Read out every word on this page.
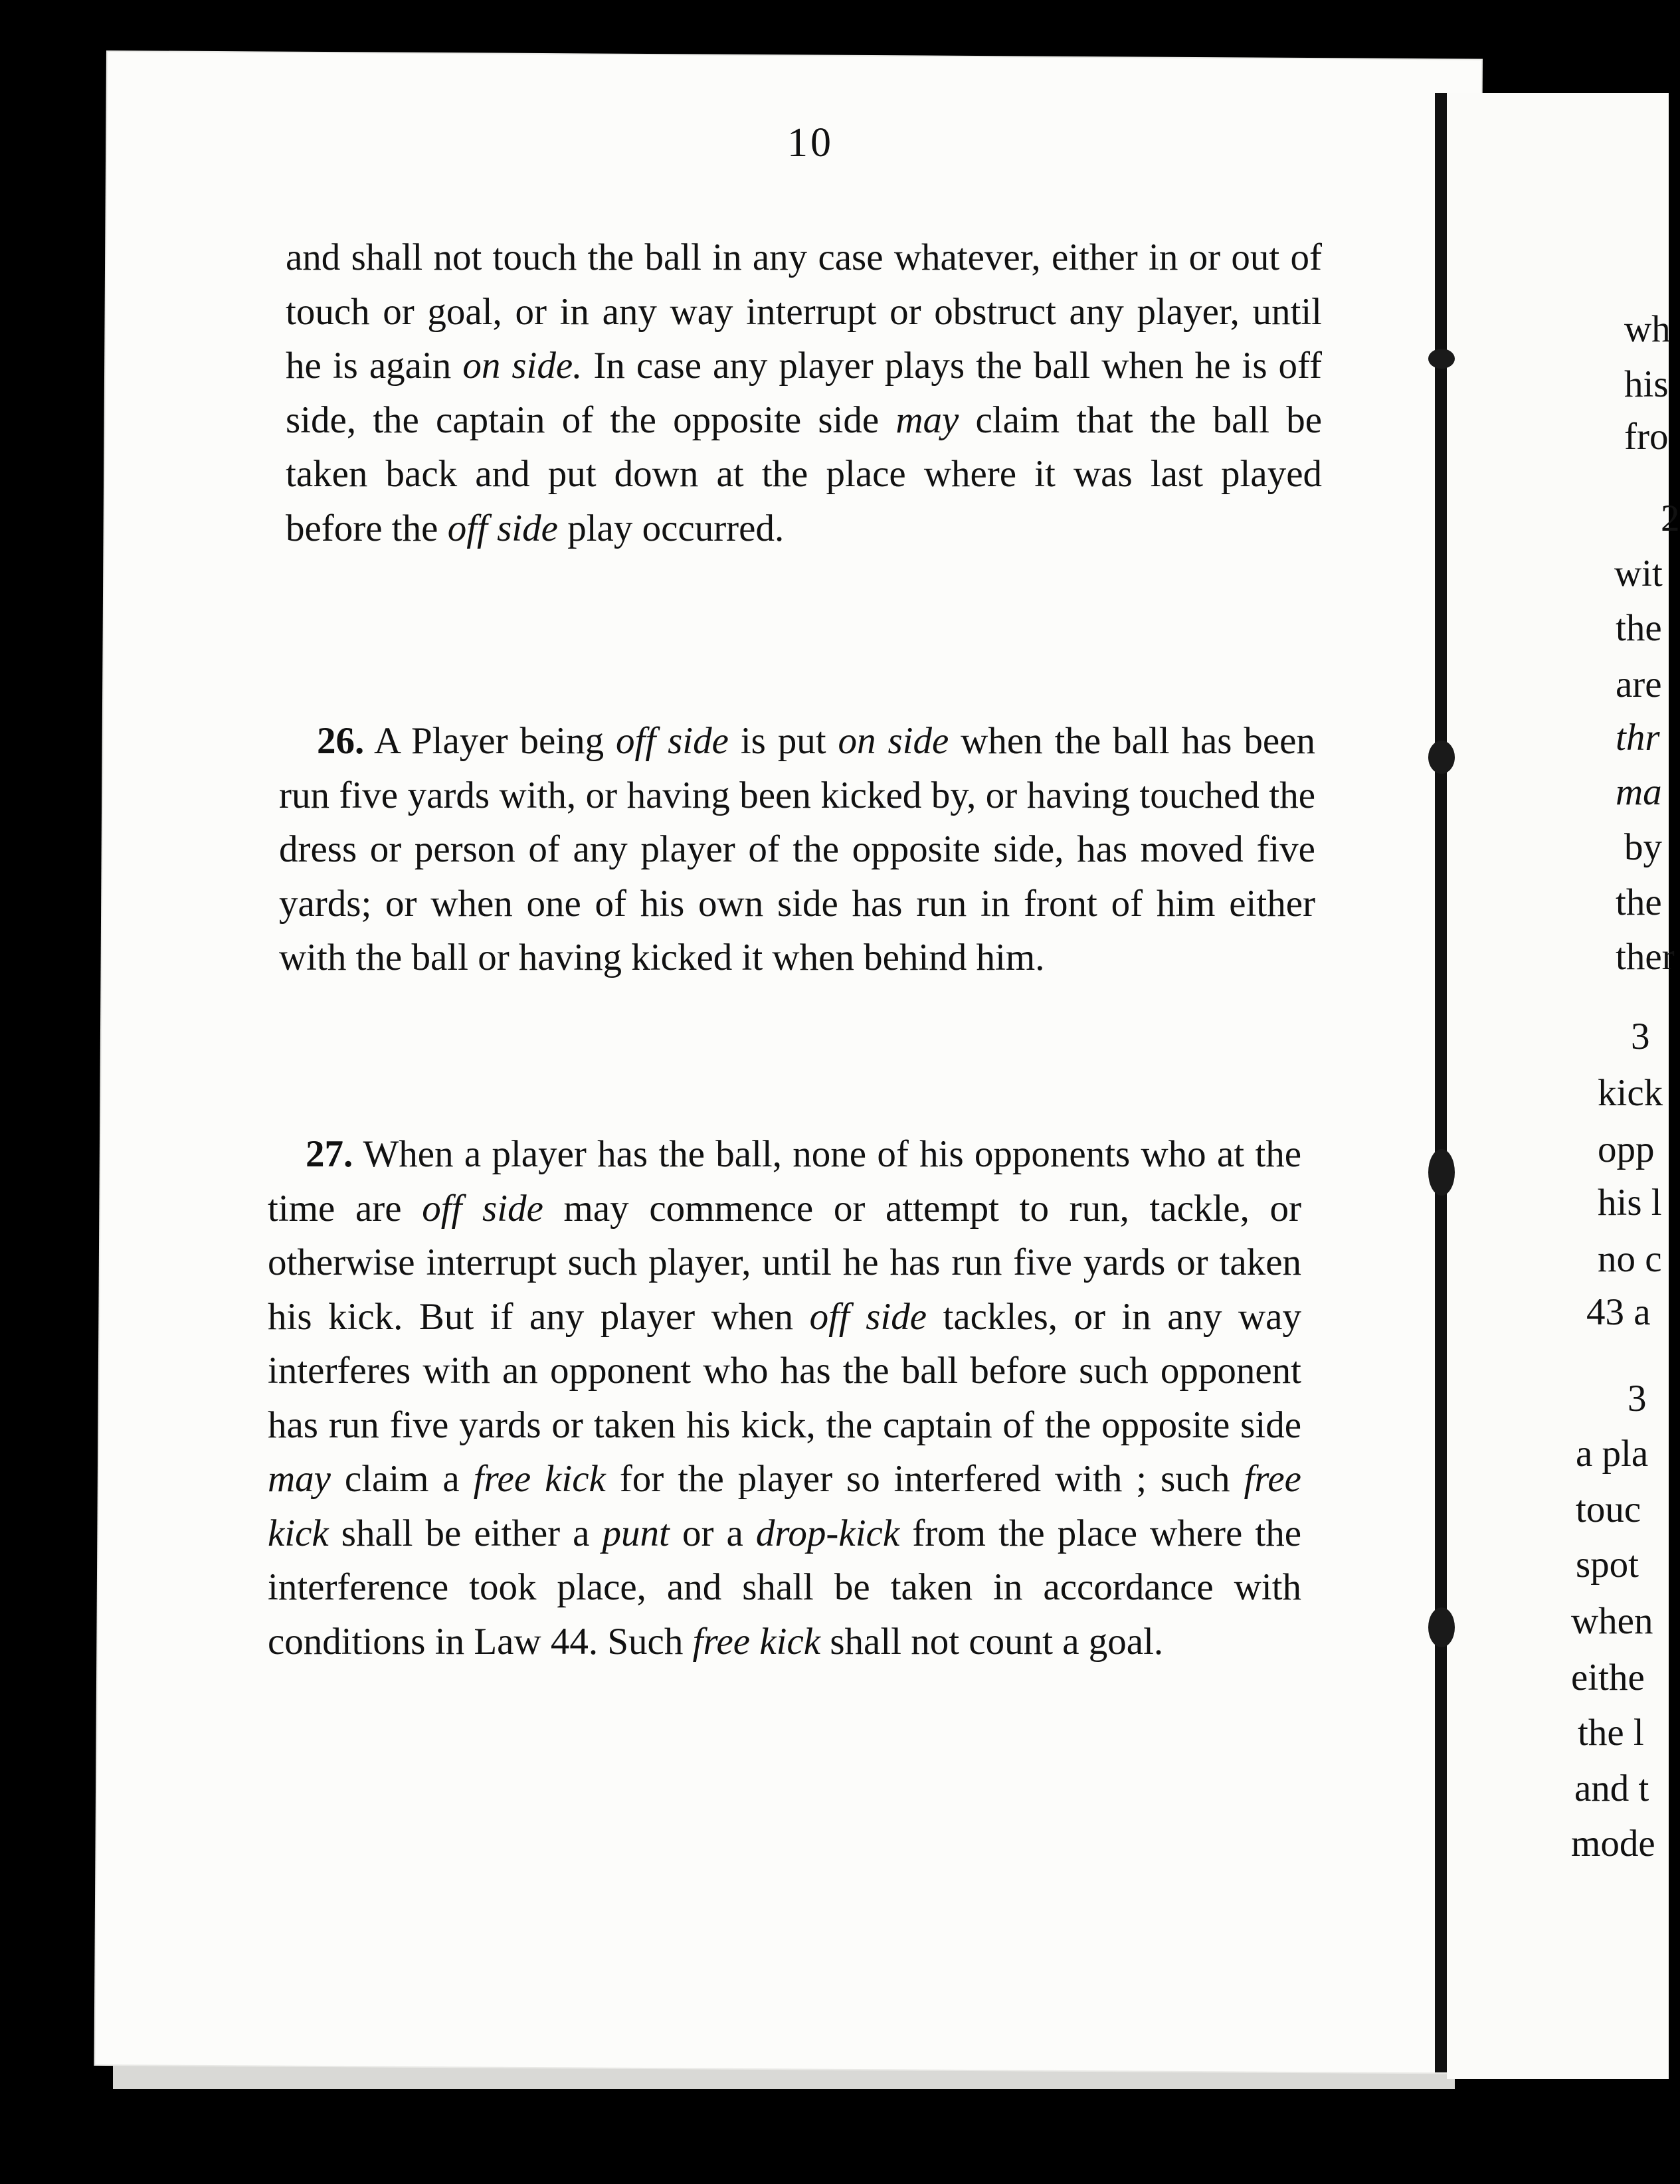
10

and shall not touch the ball in any case whatever, either in or out of touch or goal, or in any way interrupt or obstruct any player, until he is again on side. In case any player plays the ball when he is off side, the captain of the opposite side may claim that the ball be taken back and put down at the place where it was last played before the off side play occurred.

 26. A Player being off side is put on side when the ball has been run five yards with, or having been kicked by, or having touched the dress or person of any player of the opposite side, has moved five yards; or when one of his own side has run in front of him either with the ball or having kicked it when behind him.

 27. When a player has the ball, none of his opponents who at the time are off side may commence or attempt to run, tackle, or otherwise interrupt such player, until he has run five yards or taken his kick. But if any player when off side tackles, or in any way interferes with an opponent who has the ball before such opponent has run five yards or taken his kick, the captain of the opposite side may claim a free kick for the player so interfered with ; such free kick shall be either a punt or a drop-kick from the place where the interference took place, and shall be taken in accordance with conditions in Law 44. Such free kick shall not count a goal.

wh
his
fro
2
wit
the
are
thr
ma
by
the
ther
3
kick
opp
his l
no c
43 a
3
a pla
touc
spot
when
eithe
the l
and t
mode
